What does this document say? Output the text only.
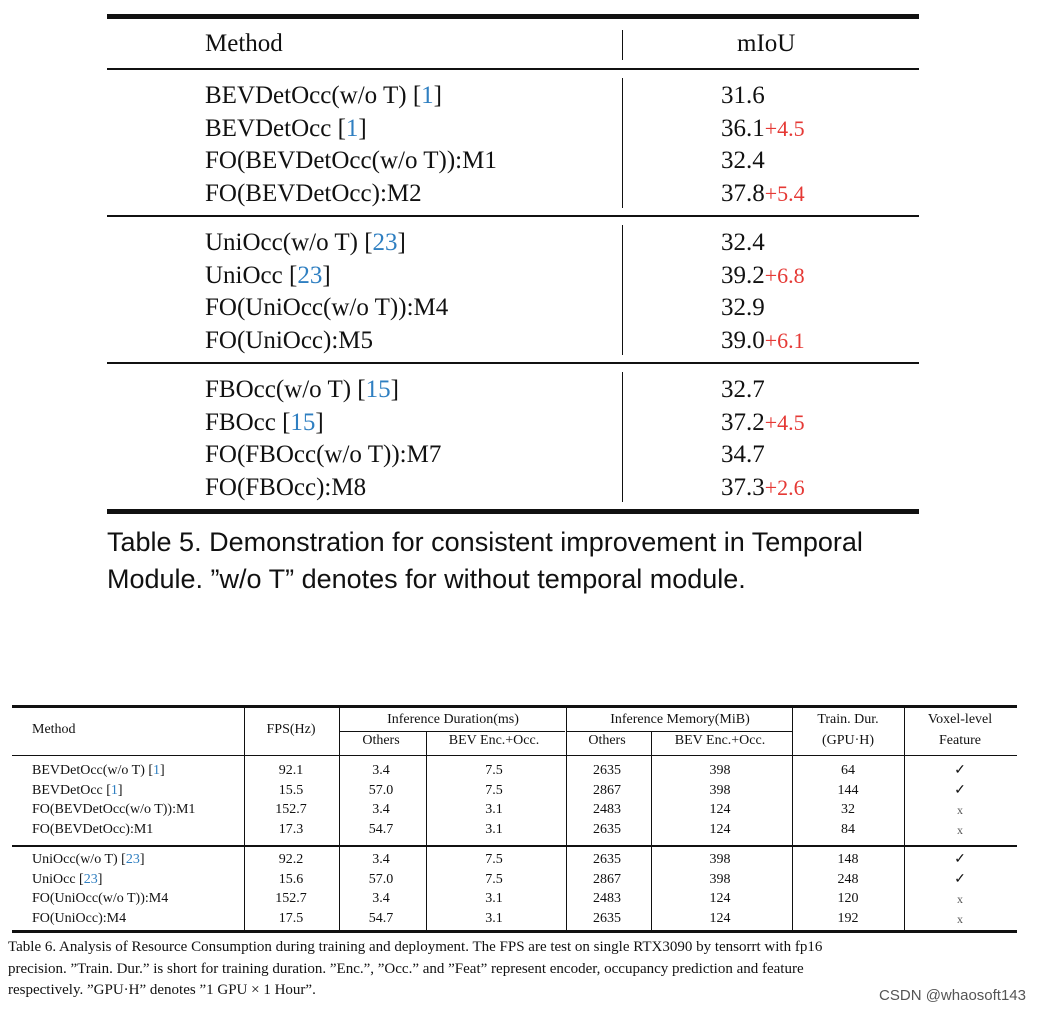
Method	mIoU
BEVDetOcc(w/o T) [1]	31.6
BEVDetOcc [1]	36.1+4.5
FO(BEVDetOcc(w/o T)):M1	32.4
FO(BEVDetOcc):M2	37.8+5.4
UniOcc(w/o T) [23]	32.4
UniOcc [23]	39.2+6.8
FO(UniOcc(w/o T)):M4	32.9
FO(UniOcc):M5	39.0+6.1
FBOcc(w/o T) [15]	32.7
FBOcc [15]	37.2+4.5
FO(FBOcc(w/o T)):M7	34.7
FO(FBOcc):M8	37.3+2.6
Table 5. Demonstration for consistent improvement in Temporal
Module. ”w/o T” denotes for without temporal module.
Method	FPS(Hz)
Inference Duration(ms)	Inference Memory(MiB)
Others	BEV Enc.+Occ.	Others	BEV Enc.+Occ.
Train. Dur.
(GPU·H)
Voxel-level
Feature
BEVDetOcc(w/o T) [1]	92.1	3.4	7.5	2635	398	64	✓
BEVDetOcc [1]	15.5	57.0	7.5	2867	398	144	✓
FO(BEVDetOcc(w/o T)):M1	152.7	3.4	3.1	2483	124	32	x
FO(BEVDetOcc):M1	17.3	54.7	3.1	2635	124	84	x
UniOcc(w/o T) [23]	92.2	3.4	7.5	2635	398	148	✓
UniOcc [23]	15.6	57.0	7.5	2867	398	248	✓
FO(UniOcc(w/o T)):M4	152.7	3.4	3.1	2483	124	120	x
FO(UniOcc):M4	17.5	54.7	3.1	2635	124	192	x
Table 6. Analysis of Resource Consumption during training and deployment. The FPS are test on single RTX3090 by tensorrt with fp16
precision. ”Train. Dur.” is short for training duration. ”Enc.”, ”Occ.” and ”Feat” represent encoder, occupancy prediction and feature
respectively. ”GPU·H” denotes ”1 GPU × 1 Hour”.	CSDN @whaosoft143
